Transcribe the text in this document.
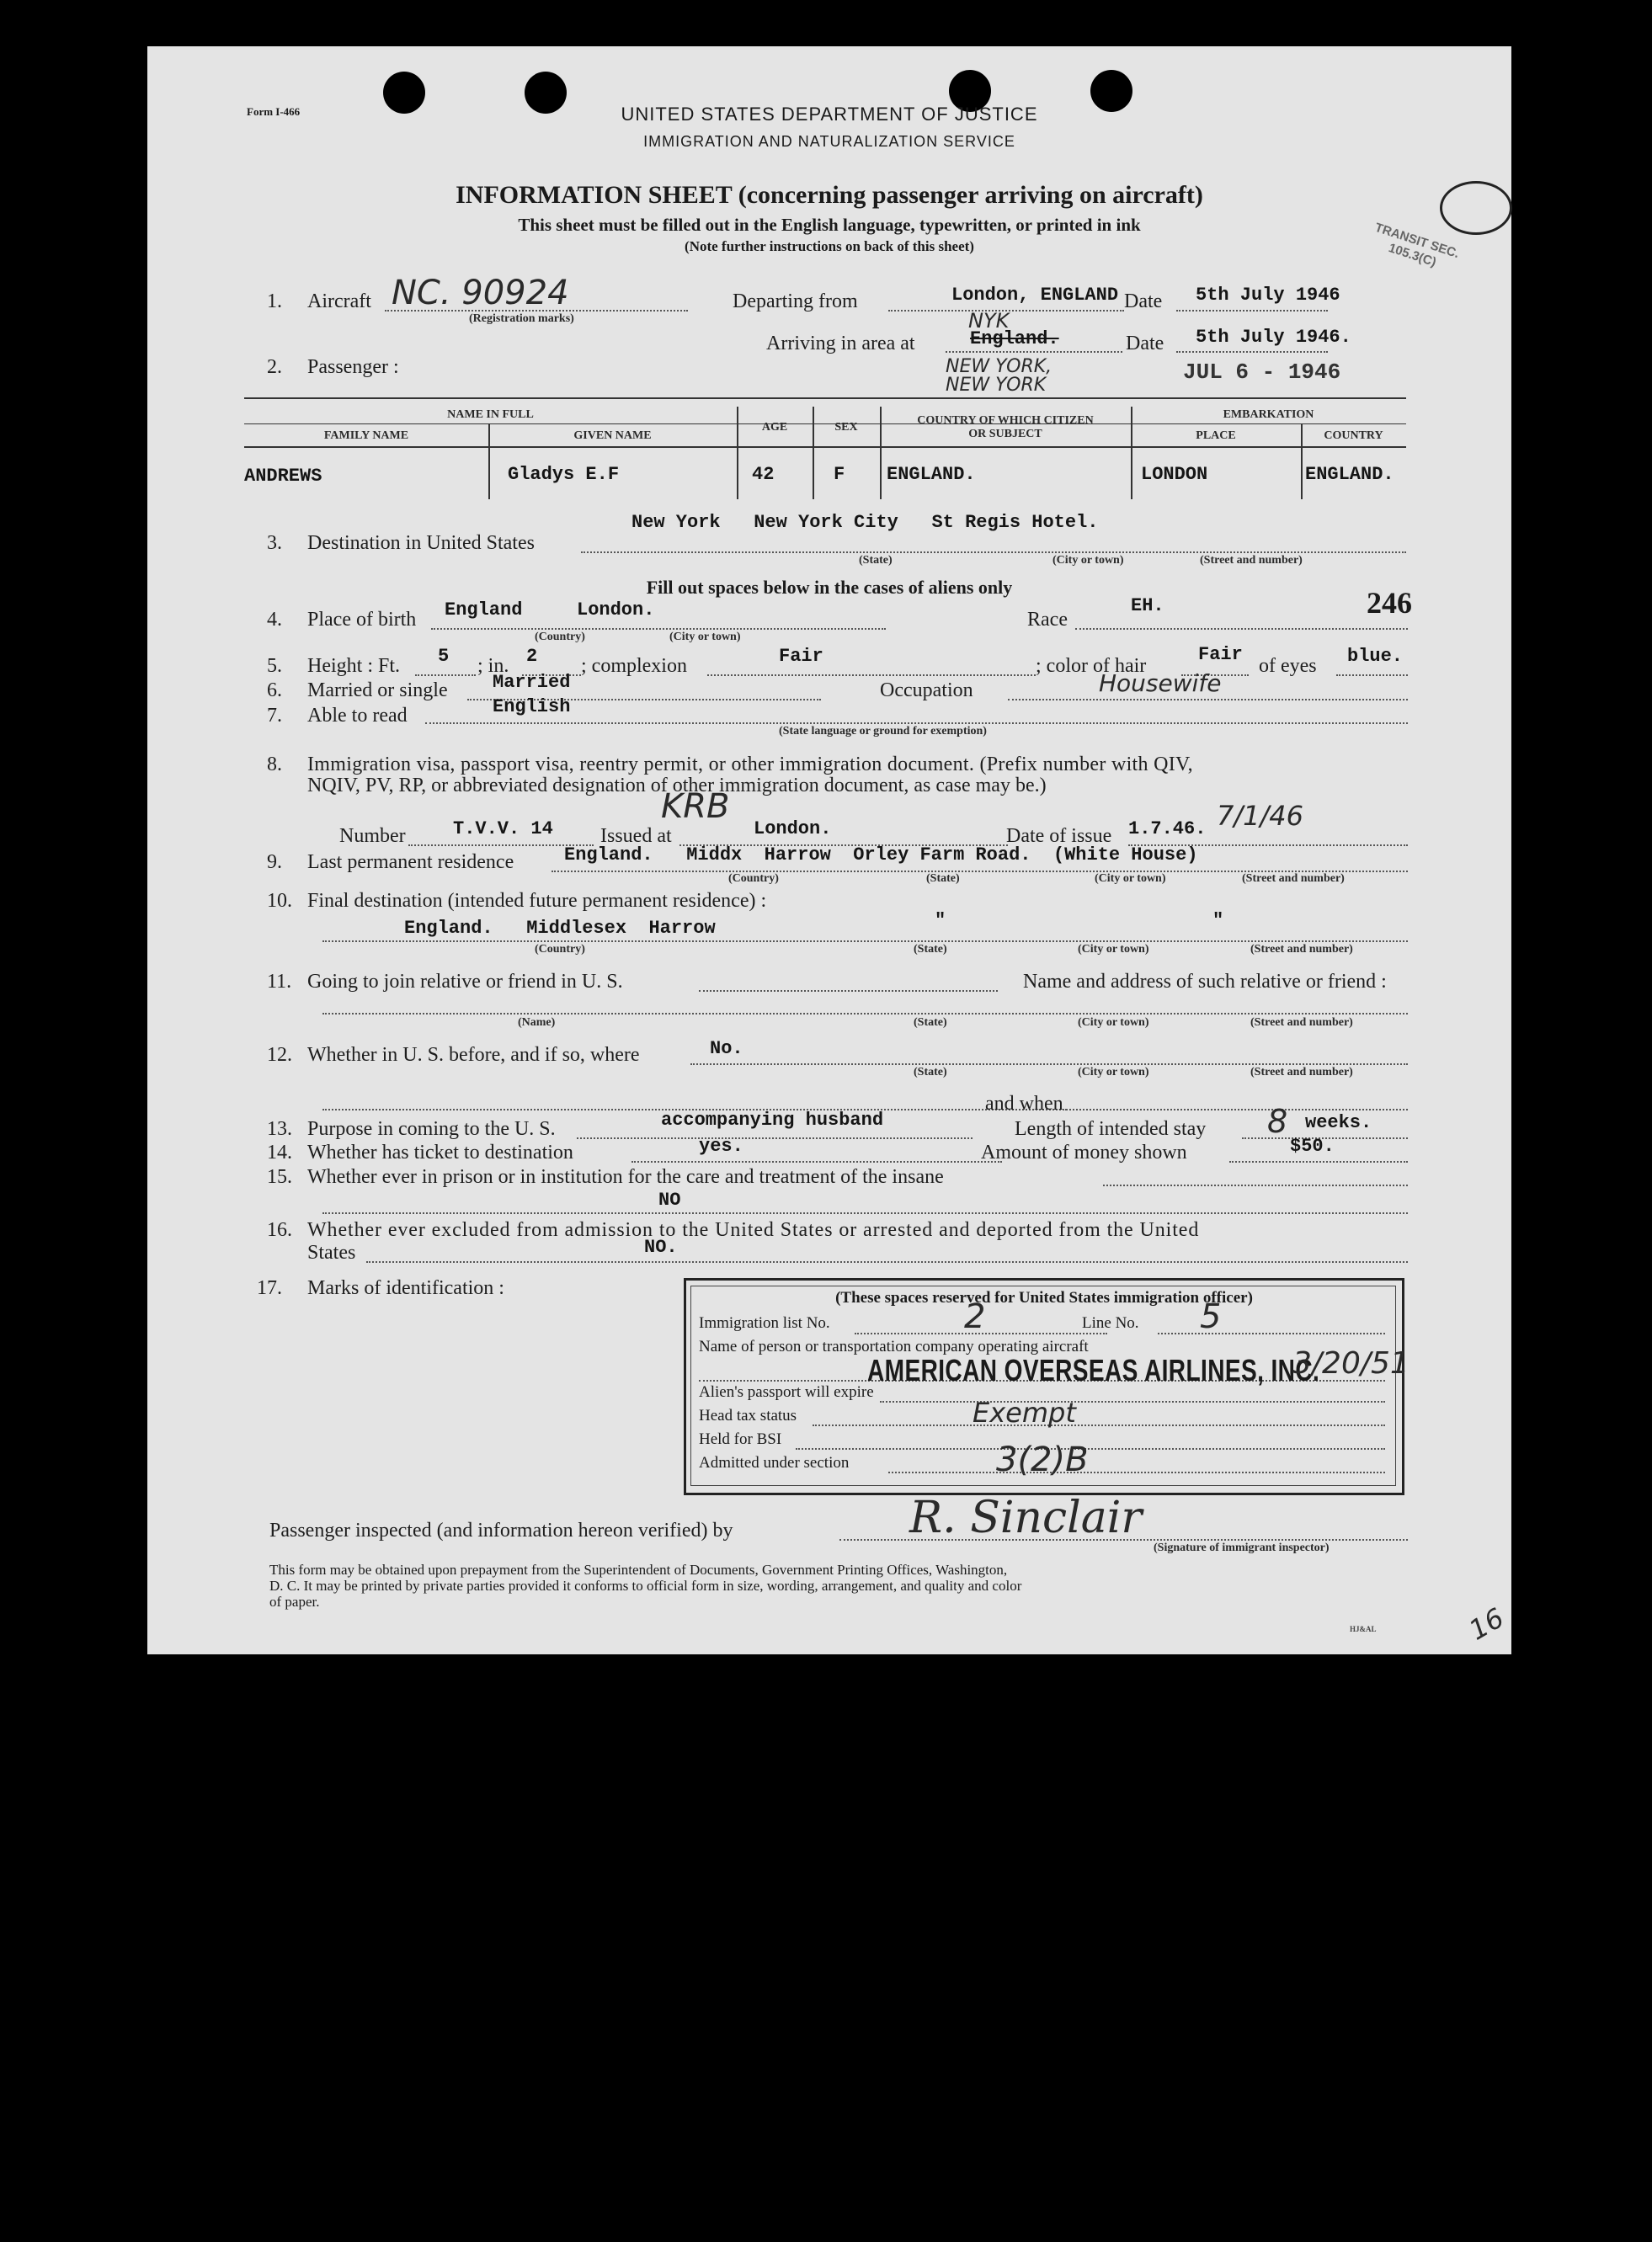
Form I-466	UNITED STATES DEPARTMENT OF JUSTICE
IMMIGRATION AND NATURALIZATION SERVICE
INFORMATION SHEET (concerning passenger arriving on aircraft)
This sheet must be filled out in the English language, typewritten, or printed in ink
(Note further instructions on back of this sheet)	TRANSIT SEC. 105.3(C)
1. Aircraft NC. 90924
(Registration marks)
Departing from	London, ENGLAND Date 5th July 1946
Arriving in area at	England.
NYK
NEW YORK,
NEW YORK
Date 5th July 1946.
JUL 6 - 1946
2. Passenger :
NAME IN FULL
FAMILY NAME	GIVEN NAME
AGE	SEX
COUNTRY OF WHICH CITIZEN
OR SUBJECT
EMBARKATION
PLACE	COUNTRY
ANDREWS	Gladys E.F	42	F ENGLAND.	LONDON	ENGLAND.
3. Destination in United States
New York   New York City   St Regis Hotel.
(State)	(City or town)	(Street and number)
Fill out spaces below in the cases of aliens only
4. Place of birth England	London.
(Country)	(City or town)
Race
EH.	246
5. Height : Ft. 5 ; in. 2 ; complexion	Fair	; color of hair
Fair
of eyes blue.
6. Married or single Married	Occupation	Housewife
7. Able to read	English
(State language or ground for exemption)
8. Immigration visa, passport visa, reentry permit, or other immigration document. (Prefix number with QIV,
NQIV, PV, RP, or abbreviated designation of other immigration document, as case may be.)
Number	T.V.V. 14 Issued at	London.
KRB
Date of issue 1.7.46. 7/1/46
9. Last permanent residence	England.   Middx  Harrow  Orley Farm Road.  (White House)
(Country)	(State)	(City or town)	(Street and number)
10. Final destination (intended future permanent residence) :
England.   Middlesex  Harrow	"	"
(Country)	(State)	(City or town)	(Street and number)
11. Going to join relative or friend in U. S.	Name and address of such relative or friend :
(Name)	(State)	(City or town)	(Street and number)
12. Whether in U. S. before, and if so, where	No.
(State)	(City or town)	(Street and number)
and when
13. Purpose in coming to the U. S.	accompanying husband	Length of intended stay 8 weeks.
14. Whether has ticket to destination	yes.	Amount of money shown	$50.
15. Whether ever in prison or in institution for the care and treatment of the insane
NO
16. Whether ever excluded from admission to the United States or arrested and deported from the United
States	NO.
17. Marks of identification :	(These spaces reserved for United States immigration officer)
Immigration list No.	2	Line No. 5
Name of person or transportation company operating aircraft
AMERICAN OVERSEAS AIRLINES, INC.
3/20/51
Alien's passport will expire
Head tax status	Exempt
Held for BSI
Admitted under section	3(2)B
Passenger inspected (and information hereon verified) by	R. Sinclair
(Signature of immigrant inspector)
This form may be obtained upon prepayment from the Superintendent of Documents, Government Printing Offices, Washington,
D. C. It may be printed by private parties provided it conforms to official form in size, wording, arrangement, and quality and color
of paper.
HJ&AL	16
